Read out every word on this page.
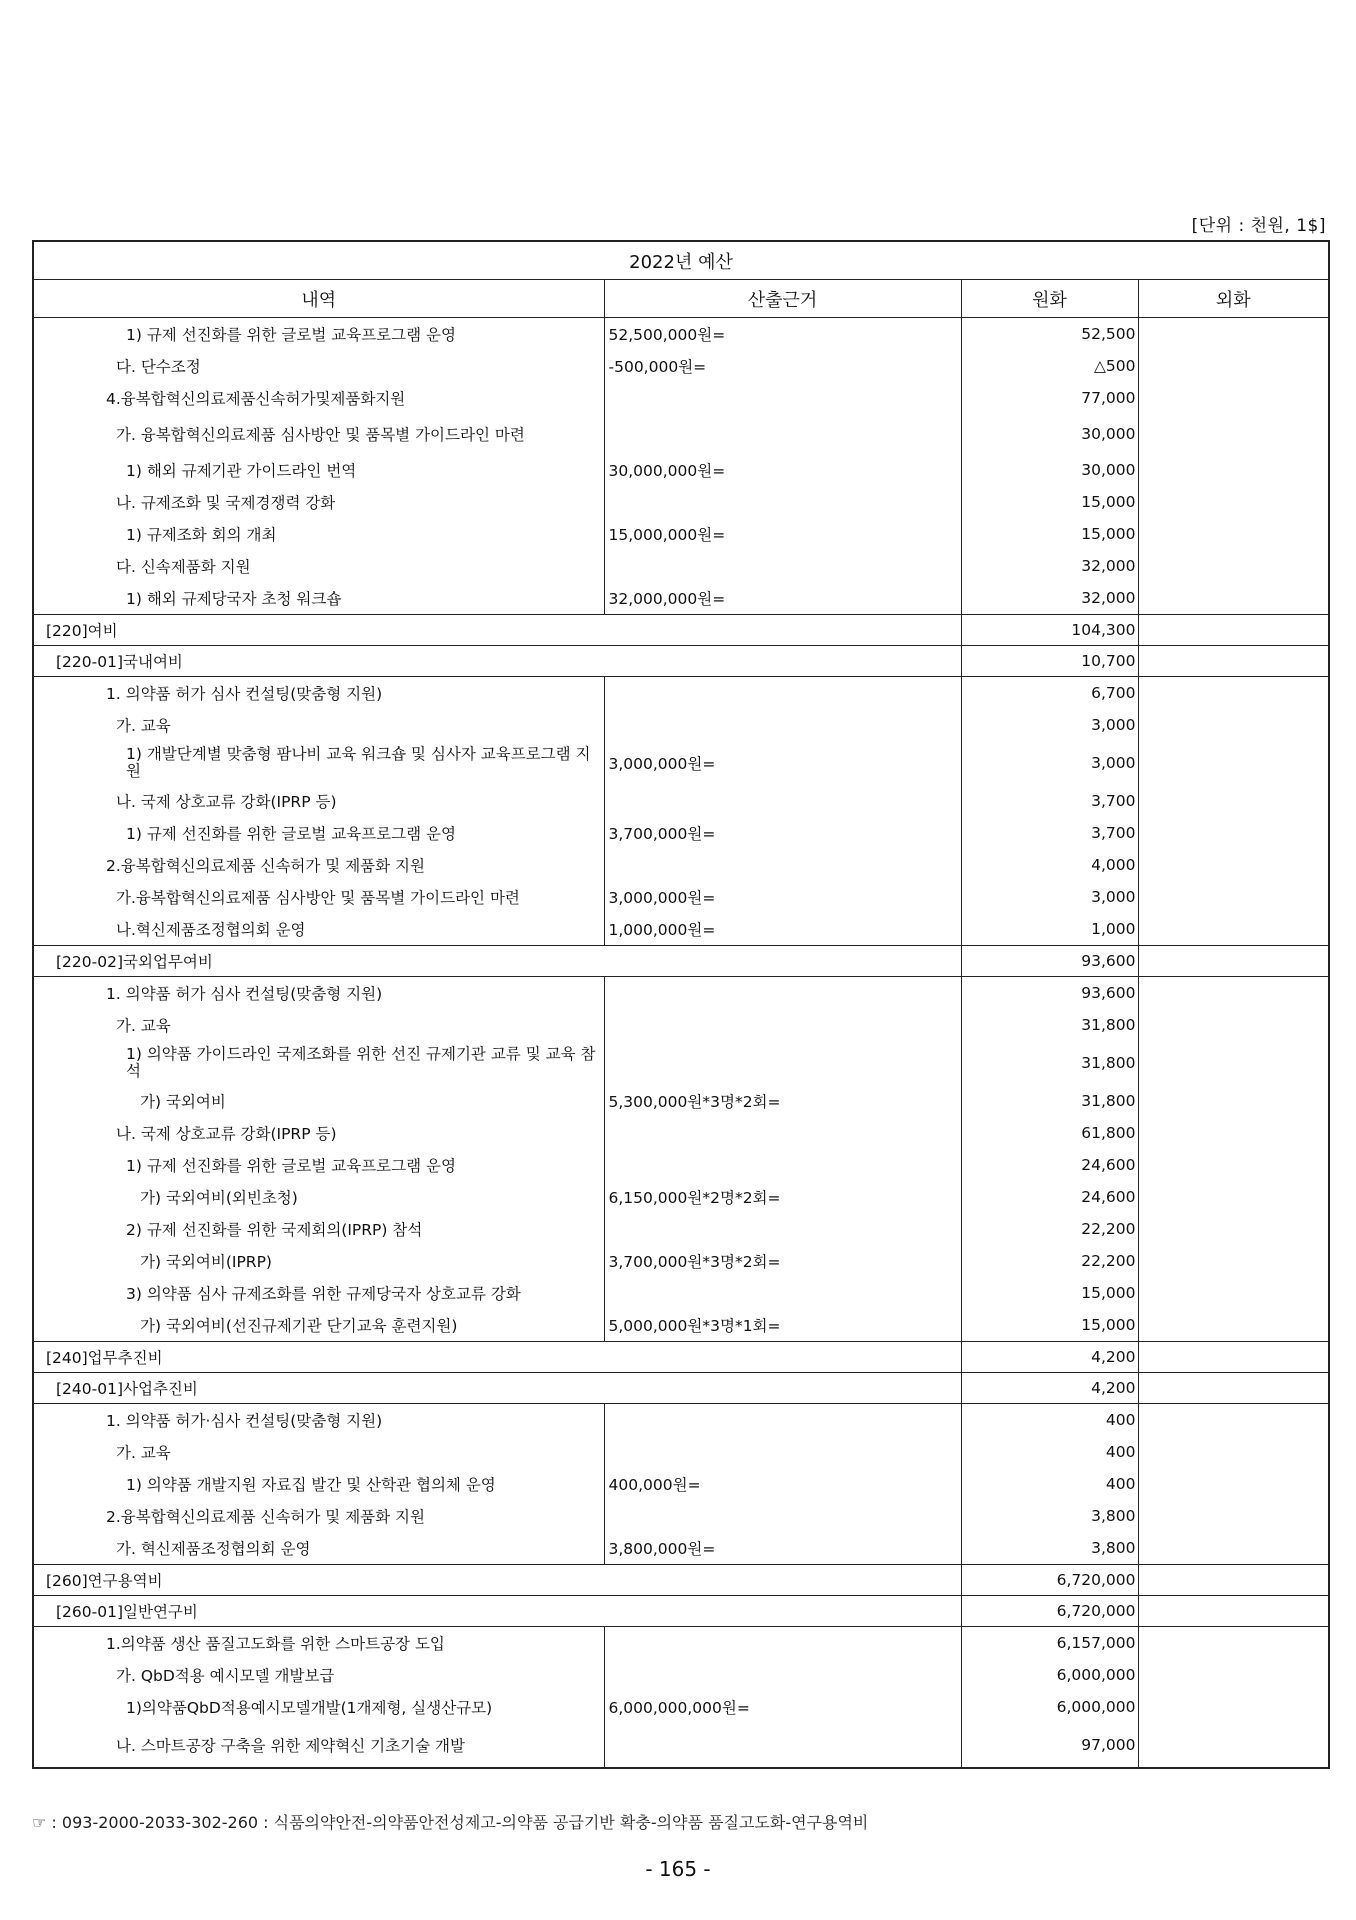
[단위 : 천원, 1$]
2022년 예산			
내역	산출근거	원화	외화
1) 규제 선진화를 위한 글로벌 교육프로그램 운영	52,500,000원=	52,500	
다. 단수조정	-500,000원=	△500	
4.융복합혁신의료제품신속허가및제품화지원		77,000	
가. 융복합혁신의료제품 심사방안 및 품목별 가이드라인 마련		30,000	
1) 해외 규제기관 가이드라인 번역	30,000,000원=	30,000	
나. 규제조화 및 국제경쟁력 강화		15,000	
1) 규제조화 회의 개최	15,000,000원=	15,000	
다. 신속제품화 지원		32,000	
1) 해외 규제당국자 초청 워크숍	32,000,000원=	32,000	
[220]여비		104,300	
[220-01]국내여비		10,700	
1. 의약품 허가 심사 컨설팅(맞춤형 지원)		6,700	
가. 교육		3,000	
1) 개발단계별 맞춤형 팜나비 교육 워크숍 및 심사자 교육프로그램 지원	3,000,000원=	3,000	
나. 국제 상호교류 강화(IPRP 등)		3,700	
1) 규제 선진화를 위한 글로벌 교육프로그램 운영	3,700,000원=	3,700	
2.융복합혁신의료제품 신속허가 및 제품화 지원		4,000	
가.융복합혁신의료제품 심사방안 및 품목별 가이드라인 마련	3,000,000원=	3,000	
나.혁신제품조정협의회 운영	1,000,000원=	1,000	
[220-02]국외업무여비		93,600	
1. 의약품 허가 심사 컨설팅(맞춤형 지원)		93,600	
가. 교육		31,800	
1) 의약품 가이드라인 국제조화를 위한 선진 규제기관 교류 및 교육 참석		31,800	
가) 국외여비	5,300,000원*3명*2회=	31,800	
나. 국제 상호교류 강화(IPRP 등)		61,800	
1) 규제 선진화를 위한 글로벌 교육프로그램 운영		24,600	
가) 국외여비(외빈초청)	6,150,000원*2명*2회=	24,600	
2) 규제 선진화를 위한 국제회의(IPRP) 참석		22,200	
가) 국외여비(IPRP)	3,700,000원*3명*2회=	22,200	
3) 의약품 심사 규제조화를 위한 규제당국자 상호교류 강화		15,000	
가) 국외여비(선진규제기관 단기교육 훈련지원)	5,000,000원*3명*1회=	15,000	
[240]업무추진비		4,200	
[240-01]사업추진비		4,200	
1. 의약품 허가·심사 컨설팅(맞춤형 지원)		400	
가. 교육		400	
1) 의약품 개발지원 자료집 발간 및 산학관 협의체 운영	400,000원=	400	
2.융복합혁신의료제품 신속허가 및 제품화 지원		3,800	
가. 혁신제품조정협의회 운영	3,800,000원=	3,800	
[260]연구용역비		6,720,000	
[260-01]일반연구비		6,720,000	
1.의약품 생산 품질고도화를 위한 스마트공장 도입		6,157,000	
가. QbD적용 예시모델 개발보급		6,000,000	
1)의약품QbD적용예시모델개발(1개제형, 실생산규모)	6,000,000,000원=	6,000,000	
나. 스마트공장 구축을 위한 제약혁신 기초기술 개발		97,000	
☞ : 093-2000-2033-302-260 : 식품의약안전-의약품안전성제고-의약품 공급기반 확충-의약품 품질고도화-연구용역비
- 165 -
